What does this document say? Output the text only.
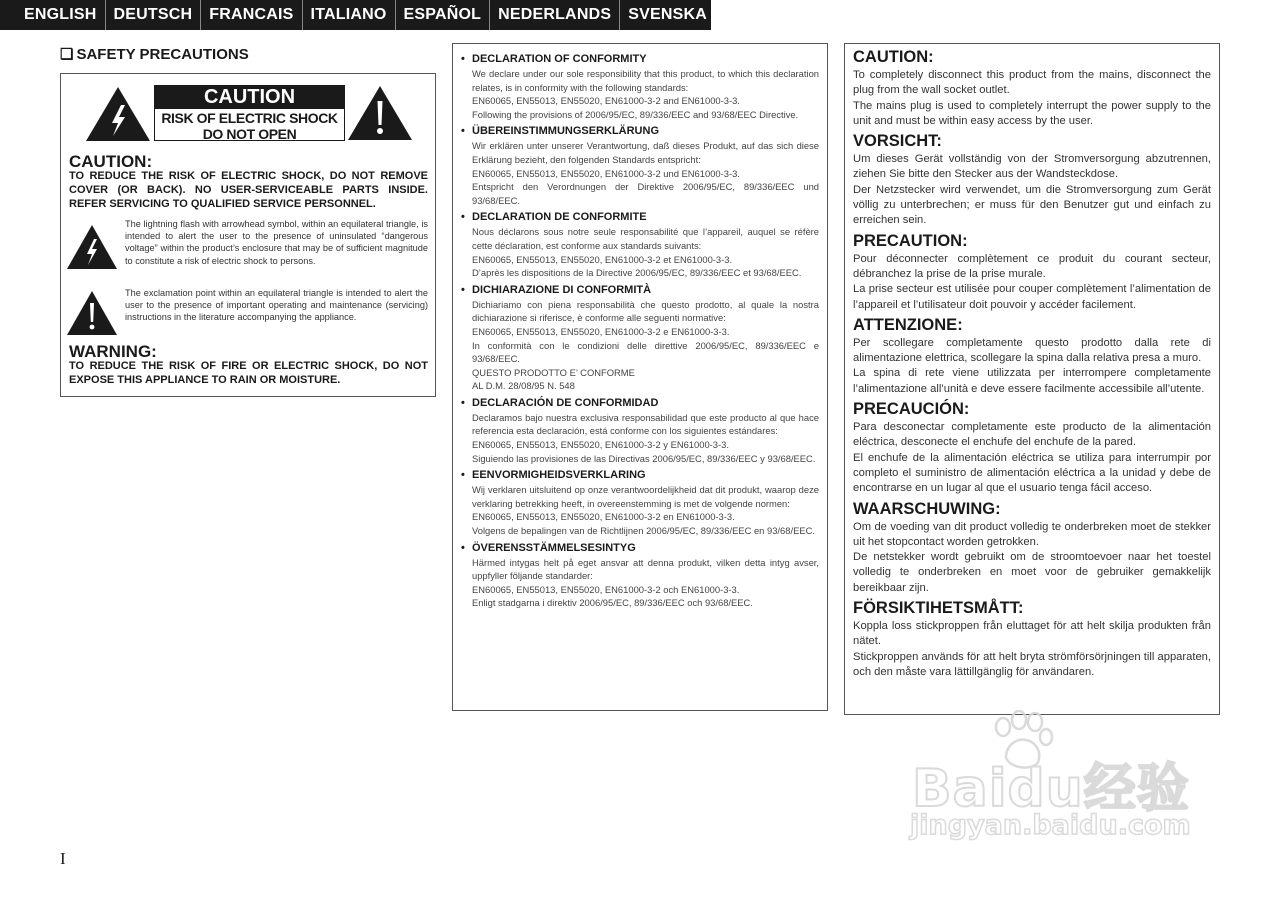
ENGLISH	DEUTSCH	FRANCAIS	ITALIANO	ESPAÑOL	NEDERLANDS	SVENSKA
❏ SAFETY PRECAUTIONS
CAUTION
RISK OF ELECTRIC SHOCK
DO NOT OPEN
CAUTION:
TO REDUCE THE RISK OF ELECTRIC SHOCK, DO NOT REMOVE COVER (OR BACK). NO USER-SERVICEABLE PARTS INSIDE. REFER SERVICING TO QUALIFIED SERVICE PERSONNEL.
The lightning flash with arrowhead symbol, within an equilateral triangle, is intended to alert the user to the presence of uninsulated “dangerous voltage” within the product’s enclosure that may be of sufficient magnitude to constitute a risk of electric shock to persons.
The exclamation point within an equilateral triangle is intended to alert the user to the presence of important operating and maintenance (servicing) instructions in the literature accompanying the appliance.
WARNING:
TO REDUCE THE RISK OF FIRE OR ELECTRIC SHOCK, DO NOT EXPOSE THIS APPLIANCE TO RAIN OR MOISTURE.
• DECLARATION OF CONFORMITY
We declare under our sole responsibility that this product, to which this declaration relates, is in conformity with the following standards:
EN60065, EN55013, EN55020, EN61000-3-2 and EN61000-3-3.
Following the provisions of 2006/95/EC, 89/336/EEC and 93/68/EEC Directive.
• ÜBEREINSTIMMUNGSERKLÄRUNG
Wir erklären unter unserer Verantwortung, daß dieses Produkt, auf das sich diese Erklärung bezieht, den folgenden Standards entspricht:
EN60065, EN55013, EN55020, EN61000-3-2 und EN61000-3-3.
Entspricht den Verordnungen der Direktive 2006/95/EC, 89/336/EEC und 93/68/EEC.
• DECLARATION DE CONFORMITE
Nous déclarons sous notre seule responsabilité que l’appareil, auquel se réfère cette déclaration, est conforme aux standards suivants:
EN60065, EN55013, EN55020, EN61000-3-2 et EN61000-3-3.
D’après les dispositions de la Directive 2006/95/EC, 89/336/EEC et 93/68/EEC.
• DICHIARAZIONE DI CONFORMITÀ
Dichiariamo con piena responsabilità che questo prodotto, al quale la nostra dichiarazione si riferisce, è conforme alle seguenti normative:
EN60065, EN55013, EN55020, EN61000-3-2 e EN61000-3-3.
In conformità con le condizioni delle direttive 2006/95/EC, 89/336/EEC e 93/68/EEC.
QUESTO PRODOTTO E’ CONFORME
AL D.M. 28/08/95 N. 548
• DECLARACIÓN DE CONFORMIDAD
Declaramos bajo nuestra exclusiva responsabilidad que este producto al que hace referencia esta declaración, está conforme con los siguientes estándares:
EN60065, EN55013, EN55020, EN61000-3-2 y EN61000-3-3.
Siguiendo las provisiones de las Directivas 2006/95/EC, 89/336/EEC y 93/68/EEC.
• EENVORMIGHEIDSVERKLARING
Wij verklaren uitsluitend op onze verantwoordelijkheid dat dit produkt, waarop deze verklaring betrekking heeft, in overeenstemming is met de volgende normen:
EN60065, EN55013, EN55020, EN61000-3-2 en EN61000-3-3.
Volgens de bepalingen van de Richtlijnen 2006/95/EC, 89/336/EEC en 93/68/EEC.
• ÖVERENSSTÄMMELSESINTYG
Härmed intygas helt på eget ansvar att denna produkt, vilken detta intyg avser, uppfyller följande standarder:
EN60065, EN55013, EN55020, EN61000-3-2 och EN61000-3-3.
Enligt stadgarna i direktiv 2006/95/EC, 89/336/EEC och 93/68/EEC.
CAUTION:
To completely disconnect this product from the mains, disconnect the plug from the wall socket outlet.
The mains plug is used to completely interrupt the power supply to the unit and must be within easy access by the user.
VORSICHT:
Um dieses Gerät vollständig von der Stromversorgung abzutrennen, ziehen Sie bitte den Stecker aus der Wandsteckdose.
Der Netzstecker wird verwendet, um die Stromversorgung zum Gerät völlig zu unterbrechen; er muss für den Benutzer gut und einfach zu erreichen sein.
PRECAUTION:
Pour déconnecter complètement ce produit du courant secteur, débranchez la prise de la prise murale.
La prise secteur est utilisée pour couper complètement l’alimentation de l’appareil et l’utilisateur doit pouvoir y accéder facilement.
ATTENZIONE:
Per scollegare completamente questo prodotto dalla rete di alimentazione elettrica, scollegare la spina dalla relativa presa a muro.
La spina di rete viene utilizzata per interrompere completamente l’alimentazione all’unità e deve essere facilmente accessibile all’utente.
PRECAUCIÓN:
Para desconectar completamente este producto de la alimentación eléctrica, desconecte el enchufe del enchufe de la pared.
El enchufe de la alimentación eléctrica se utiliza para interrumpir por completo el suministro de alimentación eléctrica a la unidad y debe de encontrarse en un lugar al que el usuario tenga fácil acceso.
WAARSCHUWING:
Om de voeding van dit product volledig te onderbreken moet de stekker uit het stopcontact worden getrokken.
De netstekker wordt gebruikt om de stroomtoevoer naar het toestel volledig te onderbreken en moet voor de gebruiker gemakkelijk bereikbaar zijn.
FÖRSIKTIHETSMÅTT:
Koppla loss stickproppen från eluttaget för att helt skilja produkten från nätet.
Stickproppen används för att helt bryta strömförsörjningen till apparaten, och den måste vara lättillgänglig för användaren.
I
Baidu经验
jingyan.baidu.com
